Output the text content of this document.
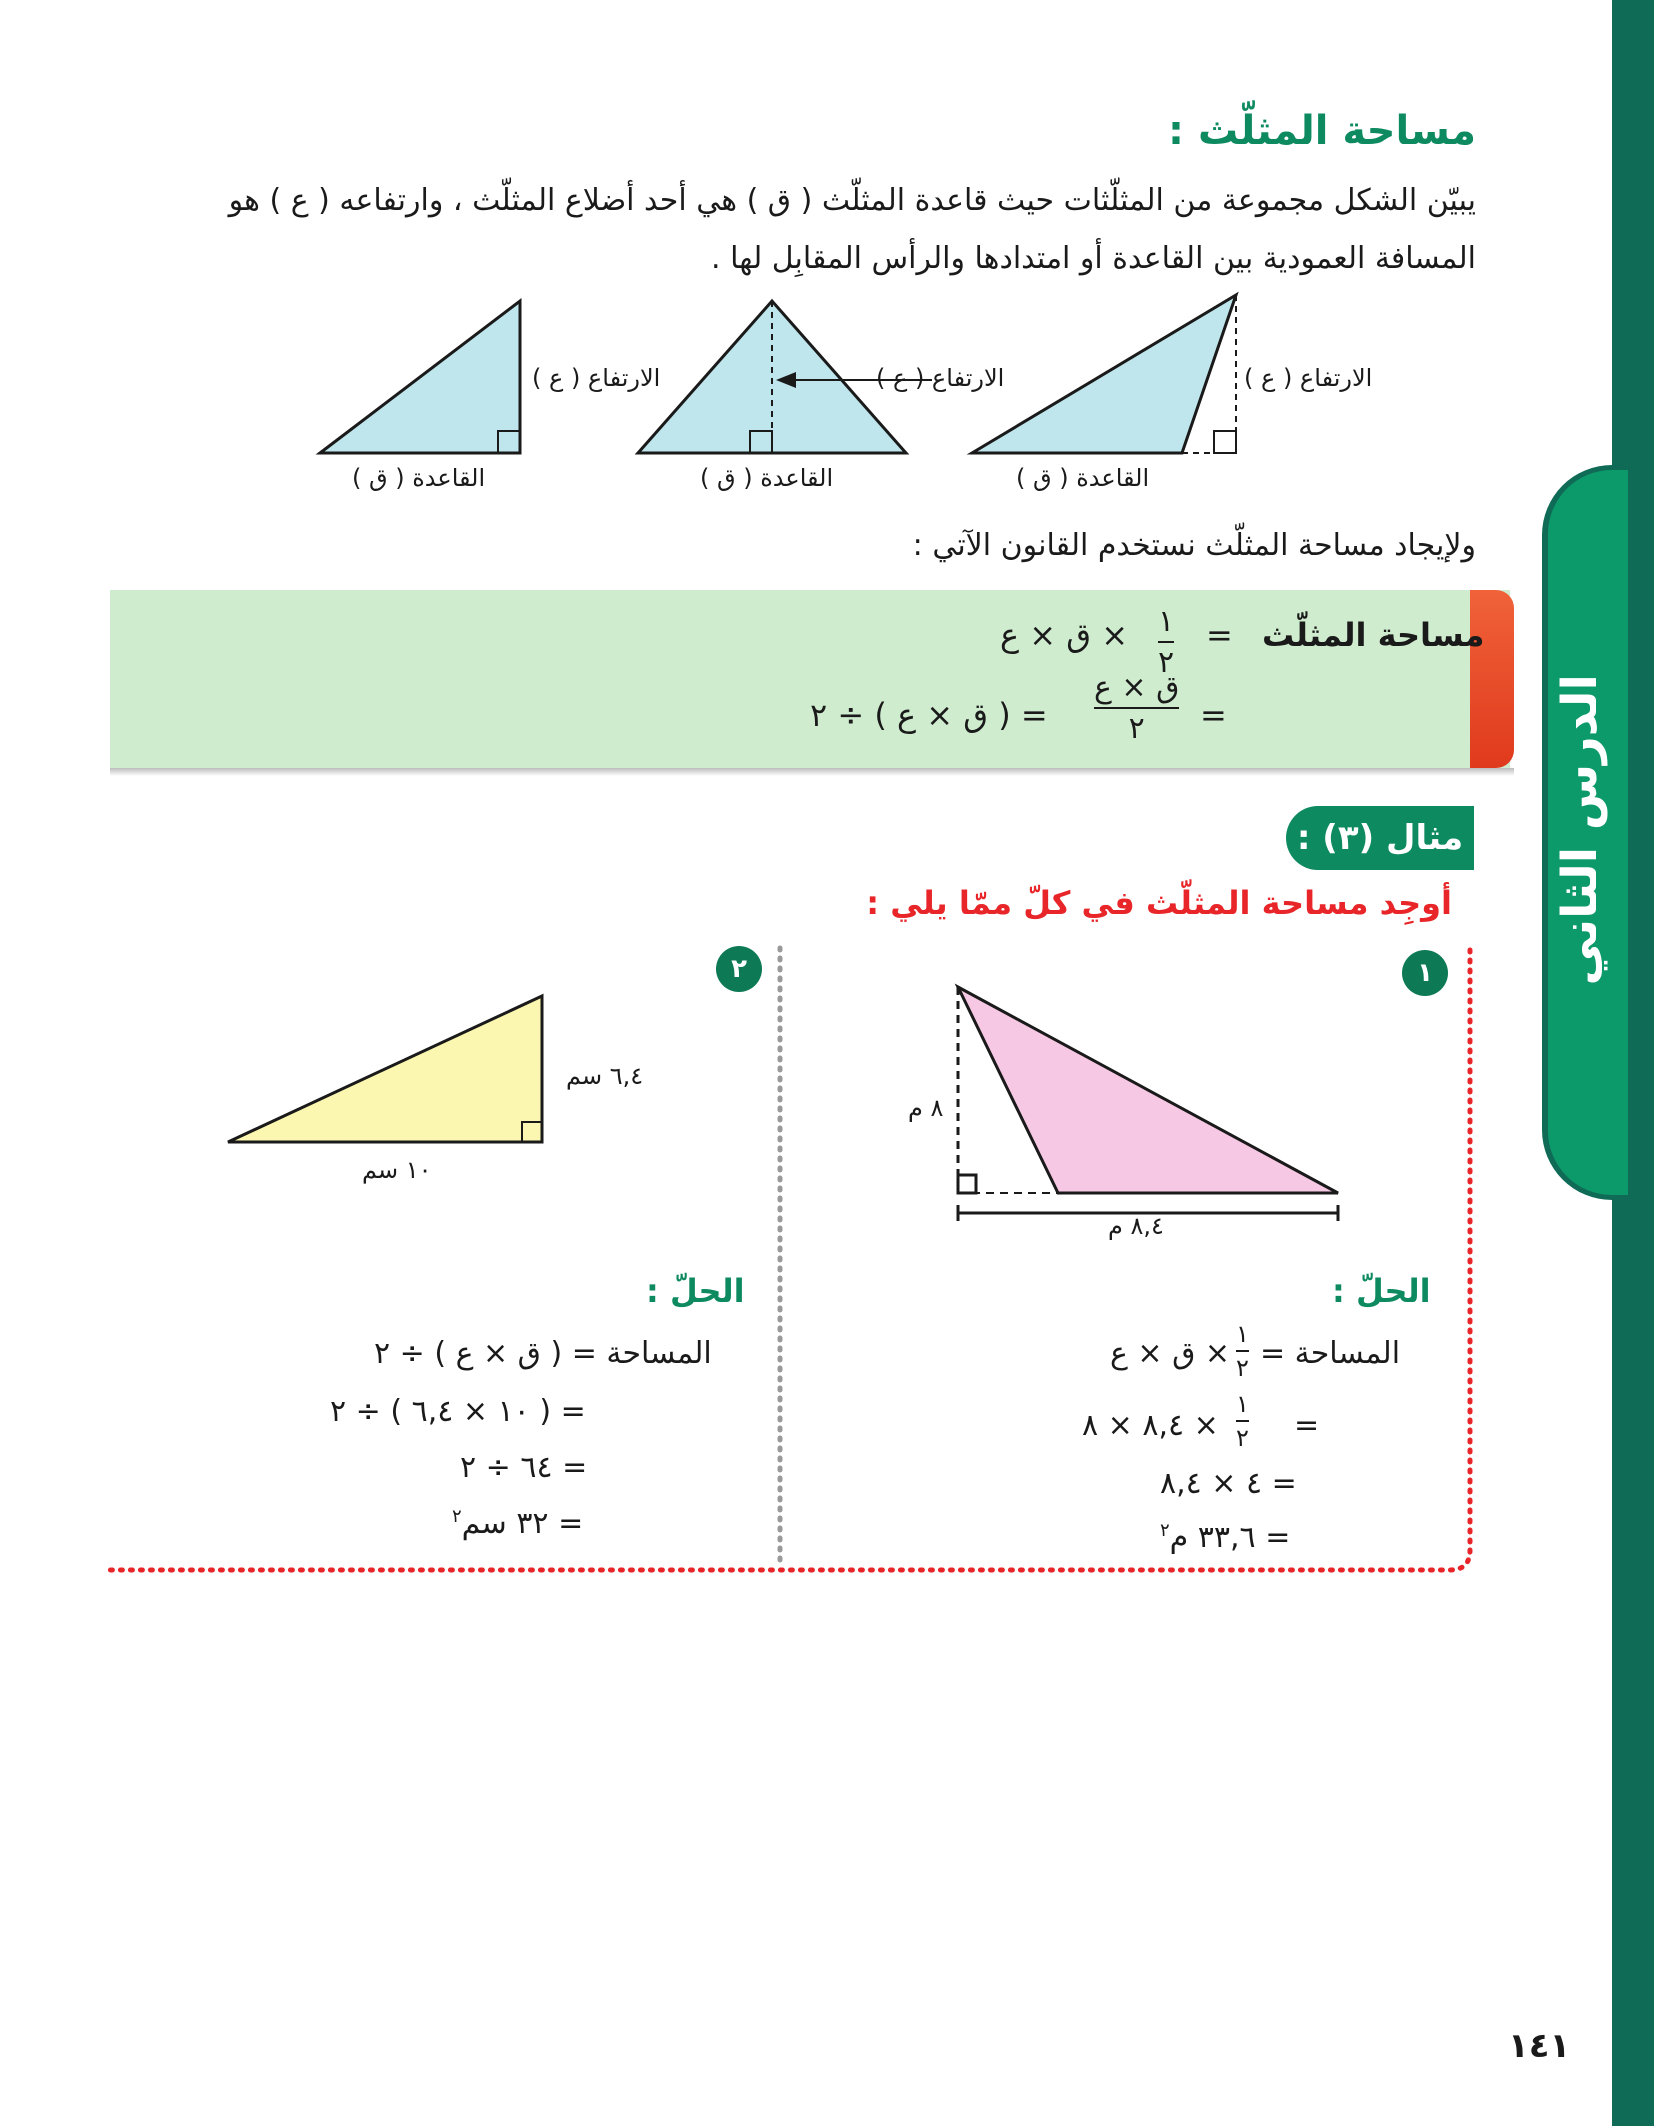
الدرس الثاني
مساحة المثلّث :
يبيّن الشكل مجموعة من المثلّثات حيث قاعدة المثلّث ( ق ) هي أحد أضلاع المثلّث ، وارتفاعه ( ع ) هو المسافة العمودية بين القاعدة أو امتدادها والرأس المقابِل لها .
الارتفاع ( ع )
القاعدة ( ق )
الارتفاع ( ع )
القاعدة ( ق )
الارتفاع ( ع )
القاعدة ( ق )
ولإيجاد مساحة المثلّث نستخدم القانون الآتي :
مساحة المثلّث
=
١
٢
× ق × ع
=
ق × ع
٢
= ( ق × ع ) ÷ ٢
مثال (٣) :
أوجِد مساحة المثلّث في كلّ ممّا يلي :
١
٨ م
٨,٤ م
الحلّ :
المساحة =
١
٢
× ق × ع
=
١
٢
× ٨,٤ × ٨
= ٤ × ٨,٤
= ٣٣,٦ م$^٢$
٢
٦,٤ سم
١٠ سم
الحلّ :
المساحة = ( ق × ع ) ÷ ٢
= ( ١٠ × ٦,٤ ) ÷ ٢
= ٦٤ ÷ ٢
= ٣٢ سم$^٢$
١٤١
